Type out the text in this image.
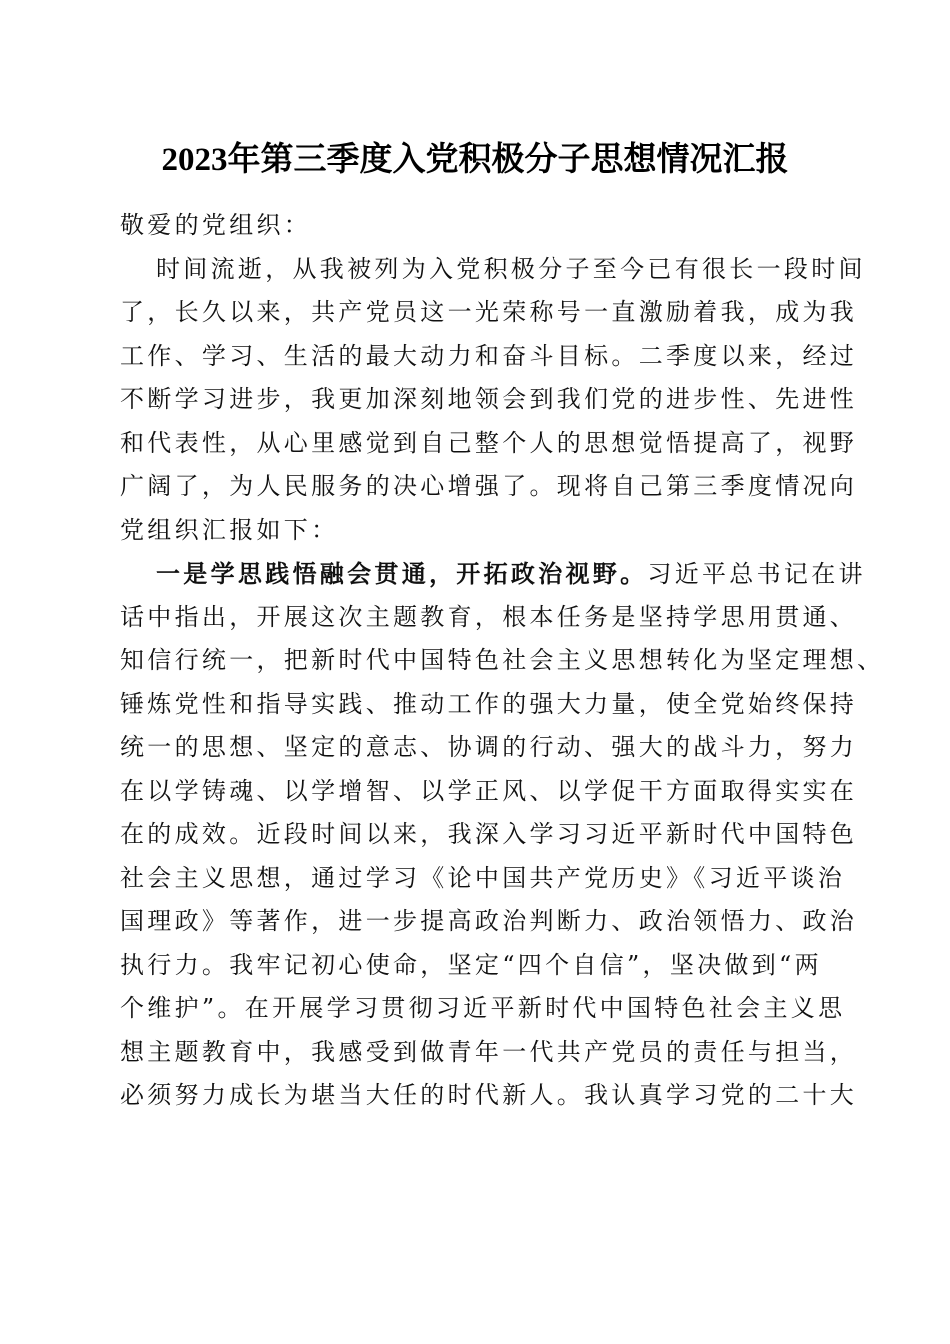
2023年第三季度入党积极分子思想情况汇报
敬爱的党组织：
时间流逝，从我被列为入党积极分子至今已有很长一段时间
了，长久以来，共产党员这一光荣称号一直激励着我，成为我
工作、学习、生活的最大动力和奋斗目标。二季度以来，经过
不断学习进步，我更加深刻地领会到我们党的进步性、先进性
和代表性，从心里感觉到自己整个人的思想觉悟提高了，视野
广阔了，为人民服务的决心增强了。现将自己第三季度情况向
党组织汇报如下：
一是学思践悟融会贯通，开拓政治视野。习近平总书记在讲
话中指出，开展这次主题教育，根本任务是坚持学思用贯通、
知信行统一，把新时代中国特色社会主义思想转化为坚定理想、
锤炼党性和指导实践、推动工作的强大力量，使全党始终保持
统一的思想、坚定的意志、协调的行动、强大的战斗力，努力
在以学铸魂、以学增智、以学正风、以学促干方面取得实实在
在的成效。近段时间以来，我深入学习习近平新时代中国特色
社会主义思想，通过学习《论中国共产党历史》《习近平谈治
国理政》等著作，进一步提高政治判断力、政治领悟力、政治
执行力。我牢记初心使命，坚定“四个自信”，坚决做到“两
个维护”。在开展学习贯彻习近平新时代中国特色社会主义思
想主题教育中，我感受到做青年一代共产党员的责任与担当，
必须努力成长为堪当大任的时代新人。我认真学习党的二十大
